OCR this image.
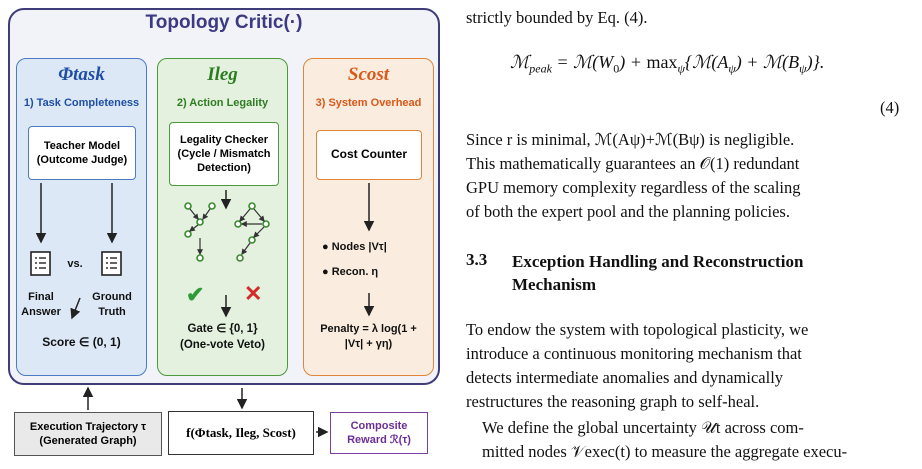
Topology Critic(·)
Φtask
1) Task Completeness
Teacher Model
(Outcome Judge)
vs.
Final
Answer
Ground
Truth
Score ∈ (0, 1)
Ileg
2) Action Legality
Legality Checker
(Cycle / Mismatch
Detection)
✔ ✕
Gate ∈ {0, 1}
(One-vote Veto)
Scost
3) System Overhead
Cost Counter
● Nodes |Vτ|
● Recon. η
Penalty = λ log(1 +
|Vτ| + γη)
Execution Trajectory τ
(Generated Graph)
f(Φtask, Ileg, Scost)	Composite
Reward ℛ(τ)
strictly bounded by Eq. (4).
ℳ$_{peak}$ = $ℳ(W_0)$ + $\max_\psi\{ℳ(A_\psi)$ + $ℳ(B_\psi)$}.
(4)
Since r is minimal, ℳ(Aψ)+ℳ(Bψ) is negligible.
This mathematically guarantees an 𝒪(1) redundant
GPU memory complexity regardless of the scaling
of both the expert pool and the planning policies.
3.3 Exception Handling and Reconstruction
Mechanism
To endow the system with topological plasticity, we
introduce a continuous monitoring mechanism that
detects intermediate anomalies and dynamically
restructures the reasoning graph to self-heal.
We define the global uncertainty 𝒰t across com-
mitted nodes 𝒱exec(t) to measure the aggregate execu-
